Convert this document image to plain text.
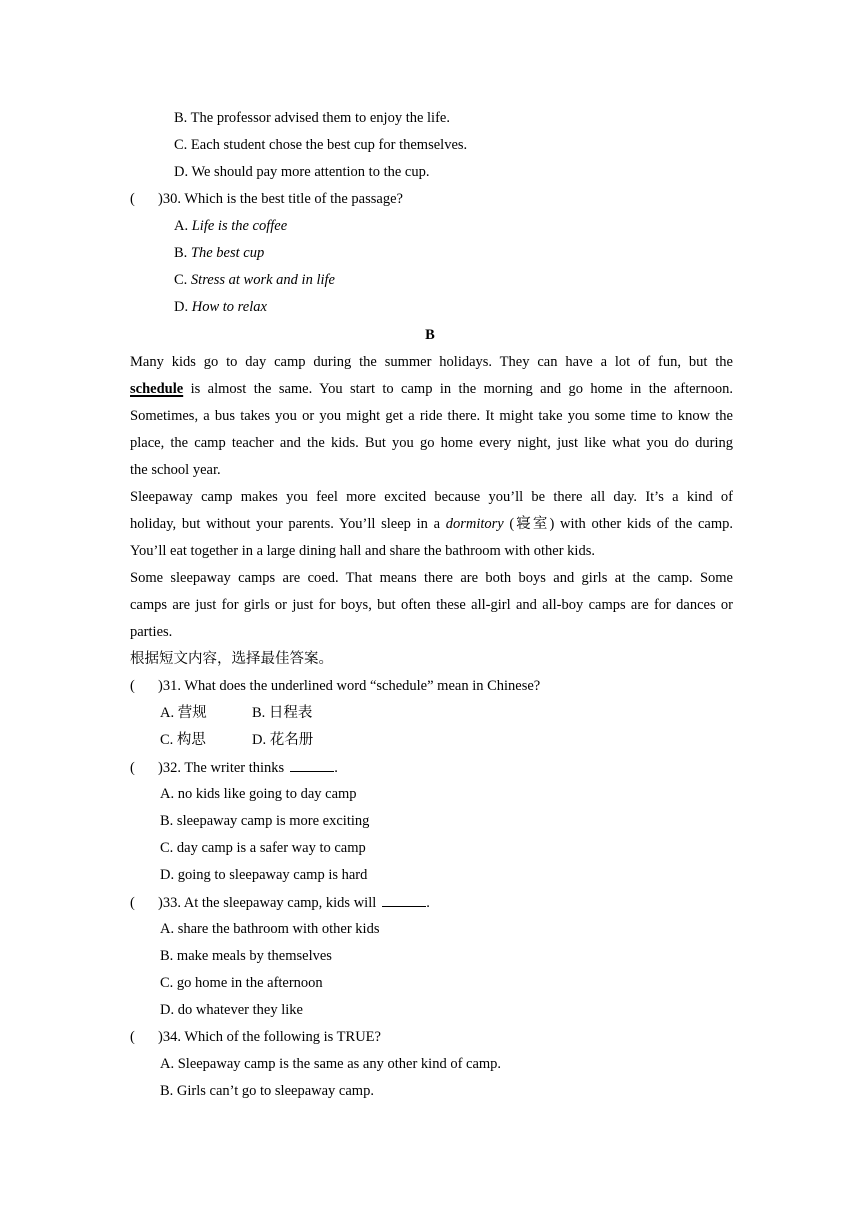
B. The professor advised them to enjoy the life.
C. Each student chose the best cup for themselves.
D. We should pay more attention to the cup.
( )30. Which is the best title of the passage?
A. Life is the coffee
B. The best cup
C. Stress at work and in life
D. How to relax
B
Many kids go to day camp during the summer holidays. They can have a lot of fun, but the
schedule is almost the same. You start to camp in the morning and go home in the afternoon.
Sometimes, a bus takes you or you might get a ride there. It might take you some time to know the
place, the camp teacher and the kids. But you go home every night, just like what you do during
the school year.
Sleepaway camp makes you feel more excited because you’ll be there all day. It’s a kind of
holiday, but without your parents. You’ll sleep in a dormitory (寝室) with other kids of the camp.
You’ll eat together in a large dining hall and share the bathroom with other kids.
Some sleepaway camps are coed. That means there are both boys and girls at the camp. Some
camps are just for girls or just for boys, but often these all-girl and all-boy camps are for dances or
parties.
根据短文内容，选择最佳答案。
( )31. What does the underlined word “schedule” mean in Chinese?
A. 营规	B. 日程表
C. 构思	D. 花名册
( )32. The writer thinks	.
A. no kids like going to day camp
B. sleepaway camp is more exciting
C. day camp is a safer way to camp
D. going to sleepaway camp is hard
( )33. At the sleepaway camp, kids will	.
A. share the bathroom with other kids
B. make meals by themselves
C. go home in the afternoon
D. do whatever they like
( )34. Which of the following is TRUE?
A. Sleepaway camp is the same as any other kind of camp.
B. Girls can’t go to sleepaway camp.
